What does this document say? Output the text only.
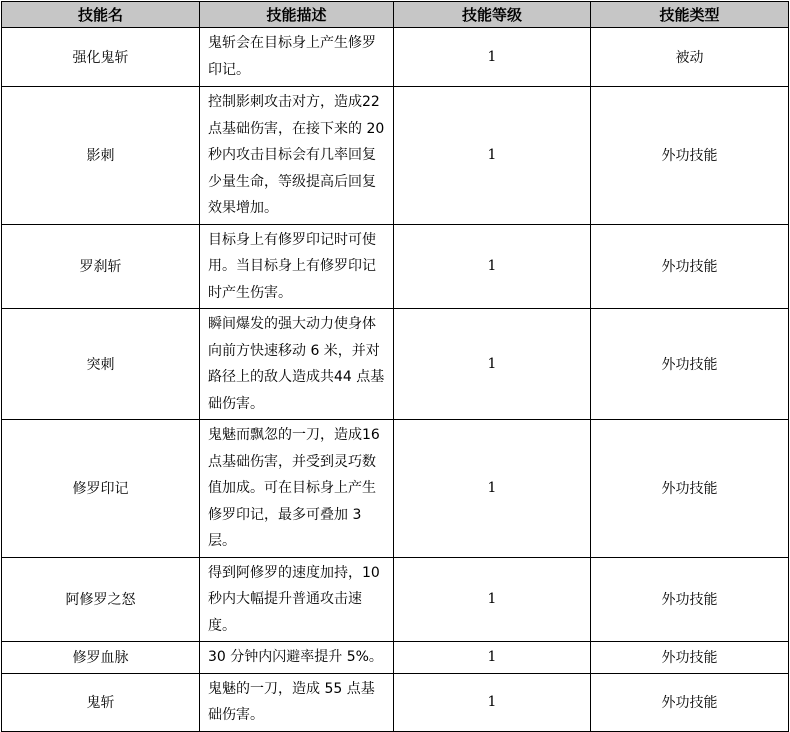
技能名	技能描述	技能等级	技能类型
强化鬼斩	鬼斩会在目标身上产生修罗印记。	1	被动
影刺	控制影刺攻击对方，造成22 点基础伤害，在接下来的 20 秒内攻击目标会有几率回复少量生命，等级提高后回复效果增加。	1	外功技能
罗刹斩	目标身上有修罗印记时可使用。当目标身上有修罗印记时产生伤害。	1	外功技能
突刺	瞬间爆发的强大动力使身体向前方快速移动 6 米，并对路径上的敌人造成共44 点基础伤害。	1	外功技能
修罗印记	鬼魅而飘忽的一刀，造成16 点基础伤害，并受到灵巧数值加成。可在目标身上产生修罗印记，最多可叠加 3 层。	1	外功技能
阿修罗之怒	得到阿修罗的速度加持，10 秒内大幅提升普通攻击速度。	1	外功技能
修罗血脉	30 分钟内闪避率提升 5%。	1	外功技能
鬼斩	鬼魅的一刀，造成 55 点基础伤害。	1	外功技能
